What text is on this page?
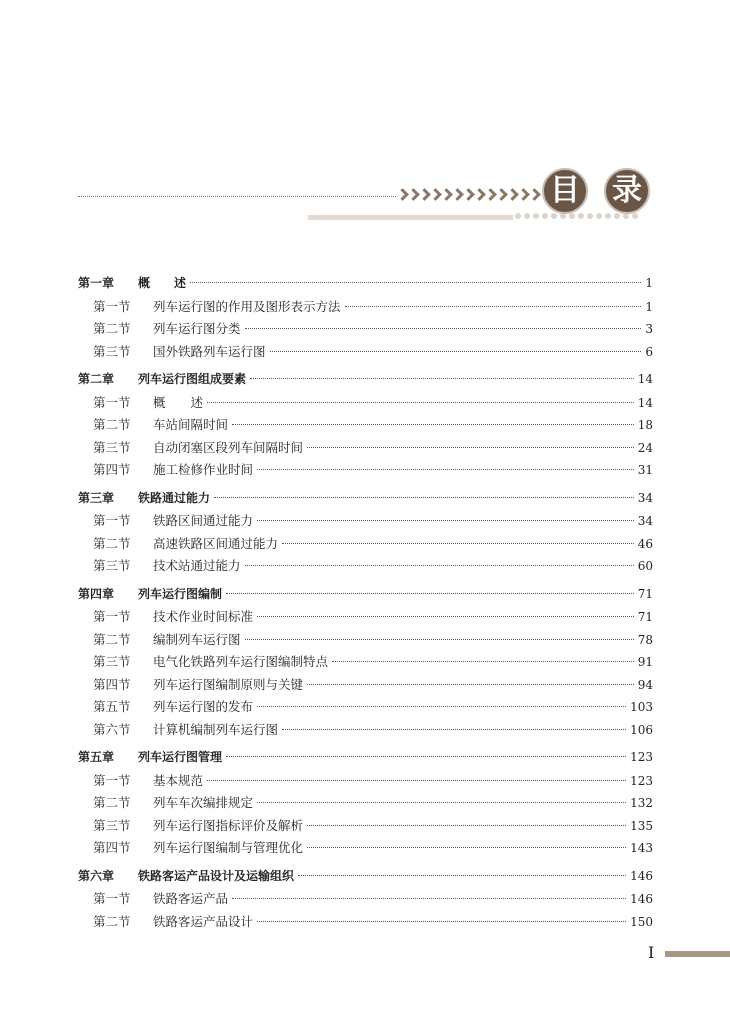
目 录
第一章	概　　述	1
第一节	列车运行图的作用及图形表示方法	1
第二节	列车运行图分类	3
第三节	国外铁路列车运行图	6
第二章	列车运行图组成要素	14
第一节	概　　述	14
第二节	车站间隔时间	18
第三节	自动闭塞区段列车间隔时间	24
第四节	施工检修作业时间	31
第三章	铁路通过能力	34
第一节	铁路区间通过能力	34
第二节	高速铁路区间通过能力	46
第三节	技术站通过能力	60
第四章	列车运行图编制	71
第一节	技术作业时间标准	71
第二节	编制列车运行图	78
第三节	电气化铁路列车运行图编制特点	91
第四节	列车运行图编制原则与关键	94
第五节	列车运行图的发布	103
第六节	计算机编制列车运行图	106
第五章	列车运行图管理	123
第一节	基本规范	123
第二节	列车车次编排规定	132
第三节	列车运行图指标评价及解析	135
第四节	列车运行图编制与管理优化	143
第六章	铁路客运产品设计及运输组织	146
第一节	铁路客运产品	146
第二节	铁路客运产品设计	150
I
